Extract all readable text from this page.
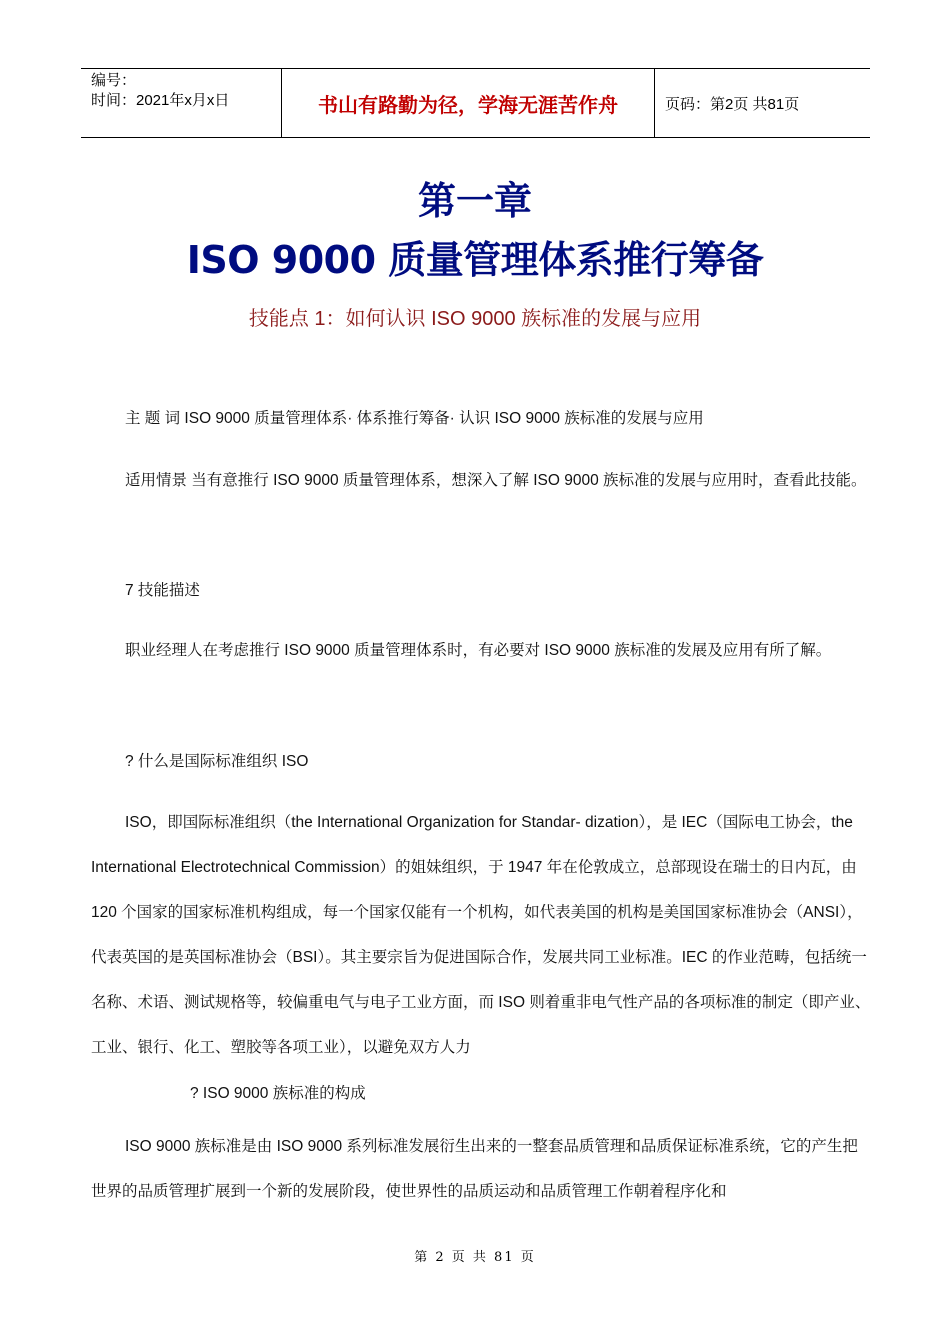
编号：
时间：2021年x月x日	书山有路勤为径，学海无涯苦作舟	页码：第2页 共81页
第一章
ISO 9000 质量管理体系推行筹备
技能点 1：如何认识 ISO 9000 族标准的发展与应用
主 题 词 ISO 9000 质量管理体系· 体系推行筹备· 认识 ISO 9000 族标准的发展与应用
适用情景 当有意推行 ISO 9000 质量管理体系，想深入了解 ISO 9000 族标准的发展与应用时，查看此技能。
7 技能描述
职业经理人在考虑推行 ISO 9000 质量管理体系时，有必要对 ISO 9000 族标准的发展及应用有所了解。
? 什么是国际标准组织 ISO
ISO，即国际标准组织（the International Organization for Standar- dization），是 IEC（国际电工协会，the International Electrotechnical Commission）的姐妹组织，于 1947 年在伦敦成立，总部现设在瑞士的日内瓦，由 120 个国家的国家标准机构组成，每一个国家仅能有一个机构，如代表美国的机构是美国国家标准协会（ANSI），代表英国的是英国标准协会（BSI）。其主要宗旨为促进国际合作，发展共同工业标准。IEC 的作业范畴，包括统一名称、术语、测试规格等，较偏重电气与电子工业方面，而 ISO 则着重非电气性产品的各项标准的制定（即产业、工业、银行、化工、塑胶等各项工业），以避免双方人力
? ISO 9000 族标准的构成
ISO 9000 族标准是由 ISO 9000 系列标准发展衍生出来的一整套品质管理和品质保证标准系统，它的产生把世界的品质管理扩展到一个新的发展阶段，使世界性的品质运动和品质管理工作朝着程序化和
第 2 页 共 81 页
